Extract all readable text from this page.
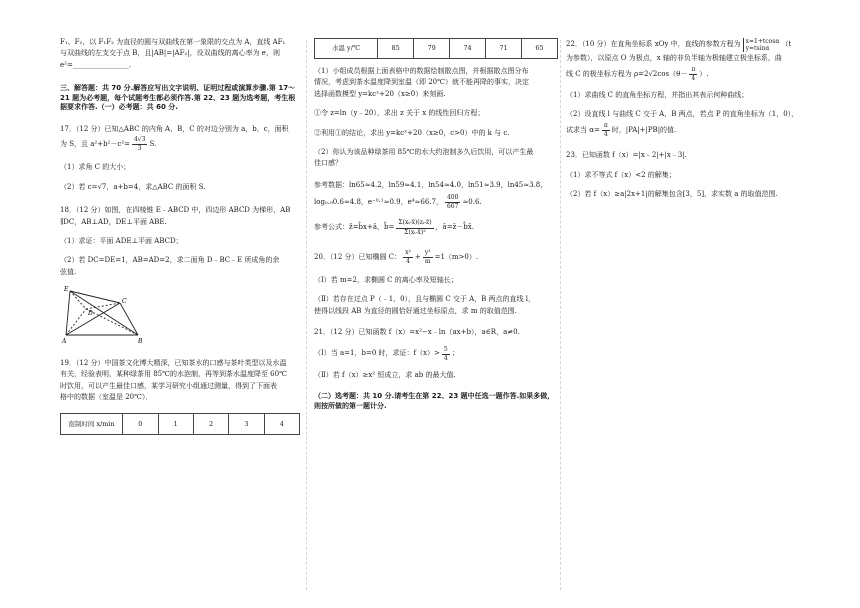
F₁、F₂，以 F₁F₂ 为直径的圆与双曲线在第一象限的交点为 A，直线 AF₁

与双曲线的左支交于点 B，且|AB|=|AF₂|，设双曲线的离心率为 e，则

e²=________________.

三、解答题：共 70 分.解答应写出文字说明、证明过程或演算步骤.第 17～
21 题为必考题，每个试题考生都必须作答.第 22、23 题为选考题，考生根
据要求作答.（一）必考题：共 60 分.

17．（12 分）已知△ABC 的内角 A，B，C 的对边分别为 a，b，c，面积

为 S，且 $a^2+b^2-c^2= \frac{4√3}{3} S$.

（1）求角 C 的大小；

（2）若 c=√7，a+b=4，求△ABC 的面积 S.

18．（12 分）如图，在四棱锥 E﹣ABCD 中，四边形 ABCD 为梯形，AB

∥DC，AB⊥AD，DE⊥平面 ABE.

（1）求证：平面 ADE⊥平面 ABCD；

（2）若 DC=DE=1，AB=AD=2，求二面角 D﹣BC﹣E 所成角的余

弦值.

E
C
D
A	B

19．（12 分）中国茶文化博大精深，已知茶水的口感与茶叶类型以及水温

有关，经验表明，某种绿茶用 85℃的水泡制，再等到茶水温度降至 60℃

时饮用，可以产生最佳口感，某学习研究小组通过测量，得到了下面表

格中的数据（室温是 20℃）．

泡制时间 x/min	0	1	2	3	4
水温 y/℃	85	79	74	71	65

（1）小组成员根据上面表格中的数据绘制散点图，并根据散点图分布

情况，考虑到茶水温度降到室温（即 20℃）就不能再降的事实，决定

选择函数模型 y=kcˣ+20（x≥0）来刻画.

①令 z=ln（y﹣20），求出 z 关于 x 的线性回归方程；

②利用①的结论，求出 y=kcˣ+20（x≥0，c>0）中的 k 与 c.

（2）你认为该品种绿茶用 85℃的水大约泡制多久后饮用，可以产生最

佳口感？

参考数据：ln65≈4.2，ln59≈4.1，ln54≈4.0，ln51≈3.9，ln45≈3.8，

log₀.₉0.6≈4.8，e⁻⁰·¹≈0.9，e⁴≈66.7， $\frac{400}{667} \approx 0.6$.

参考公式： ẑ=b̂x+â，b̂= $\frac{\text{Σ(xᵢ-x̄)(zᵢ-z̄)}}{\text{Σ(xᵢ-x̄)²}}$ ，â=z̄－b̂x̄.

20．（12 分）已知椭圆 C： $\frac{\text{x²}}{4} + \frac{\text{y²}}{m} =1(m>0)$.

（Ⅰ）若 m=2，求椭圆 C 的离心率及短轴长；

（Ⅱ）若存在过点 P（﹣1，0），且与椭圆 C 交于 A，B 两点的直线 l，

使得以线段 AB 为直径的圆恰好通过坐标原点，求 m 的取值范围.

21．（12 分）已知函数 f（x）=x²−x﹣ln（ax+b），a∈R，a≠0.

（Ⅰ）当 a=1，b=0 时，求证：$f(x)> \frac{5}{4}$ ；

（Ⅱ）若 f（x）≥x² 恒成立，求 ab 的最大值.

（二）选考题：共 10 分.请考生在第 22、23 题中任选一题作答.如果多做，
则按所做的第一题计分.

22．（10 分）在直角坐标系 xOy 中，直线的参数方程为 x=1+tcosα
y=tsinα
（t

为参数），以原点 O 为极点，x 轴的非负半轴为极轴建立极坐标系，曲

线 C 的极坐标方程为 $\rho=2√2\cos(\theta- \frac{\pi}{4}$ ）.

（1）求曲线 C 的直角坐标方程，并指出其表示何种曲线；

（2）设直线 l 与曲线 C 交于 A，B 两点，若点 P 的直角坐标为（1，0），

试求当 $\alpha= \frac{\pi}{4}$ 时，|PA|+|PB|的值.

23．已知函数 f（x）=|x﹣2|+|x﹣3|.

（1）求不等式 f（x）<2 的解集；

（2）若 f（x）≥a|2x+1|的解集包含[3，5]，求实数 a 的取值范围.
